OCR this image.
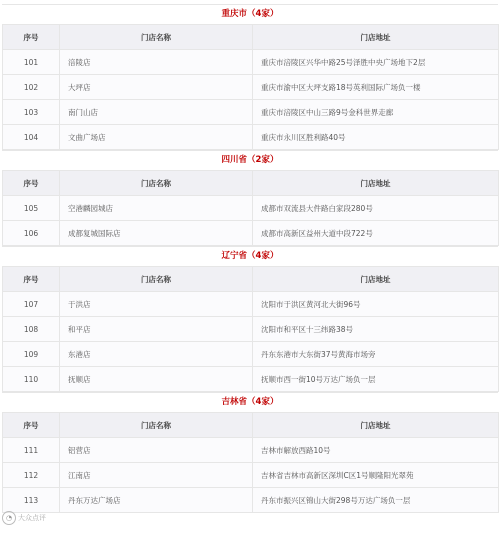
重庆市（4家）
序号	门店名称	门店地址
101	涪陵店	重庆市涪陵区兴华中路25号泽胜中央广场地下2层
102	大坪店	重庆市渝中区大坪支路18号英利国际广场负一楼
103	南门山店	重庆市涪陵区中山三路9号金科世界走廊
104	文曲广场店	重庆市永川区胜利路40号
四川省（2家）
序号	门店名称	门店地址
105	空港麟园城店	成都市双流县大件路白家段280号
106	成都复城国际店	成都市高新区益州大道中段722号
辽宁省（4家）
序号	门店名称	门店地址
107	于洪店	沈阳市于洪区黄河北大街96号
108	和平店	沈阳市和平区十三纬路38号
109	东港店	丹东东港市大东街37号黄海市场旁
110	抚顺店	抚顺市西一街10号万达广场负一层
吉林省（4家）
序号	门店名称	门店地址
111	铝营店	吉林市解放西路10号
112	江南店	吉林省吉林市高新区深圳C区1号顺隆阳光翠苑
113	丹东万达广场店	丹东市振兴区锦山大街298号万达广场负一层
◔ 大众点评
